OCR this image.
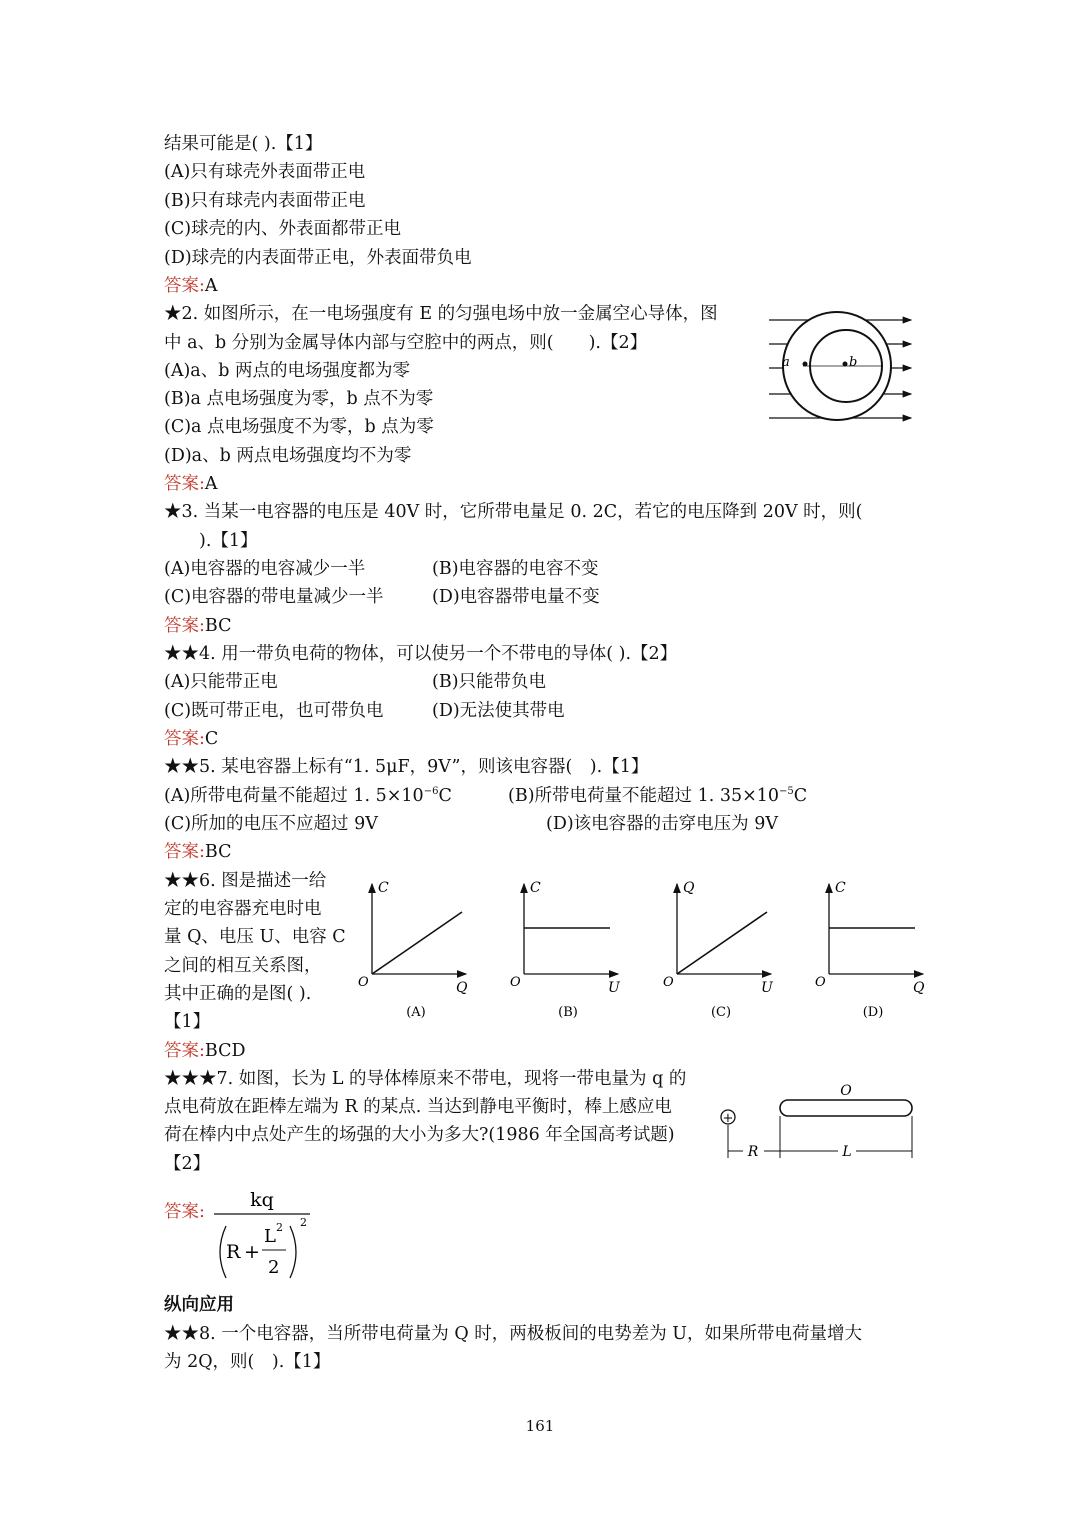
结果可能是( ).【1】
(A)只有球壳外表面带正电
(B)只有球壳内表面带正电
(C)球壳的内、外表面都带正电
(D)球壳的内表面带正电，外表面带负电
答案:A
★2. 如图所示，在一电场强度有 E 的匀强电场中放一金属空心导体，图
中 a、b 分别为金属导体内部与空腔中的两点，则(　　).【2】
(A)a、b 两点的电场强度都为零
(B)a 点电场强度为零，b 点不为零
(C)a 点电场强度不为零，b 点为零
(D)a、b 两点电场强度均不为零
答案:A
★3. 当某一电容器的电压是 40V 时，它所带电量足 0. 2C，若它的电压降到 20V 时，则(
　　).【1】
(A)电容器的电容减少一半	(B)电容器的电容不变
(C)电容器的带电量减少一半	(D)电容器带电量不变
答案:BC
★★4. 用一带负电荷的物体，可以使另一个不带电的导体( ).【2】
(A)只能带正电	(B)只能带负电
(C)既可带正电，也可带负电	(D)无法使其带电
答案:C
★★5. 某电容器上标有“1. 5μF，9V”，则该电容器(　).【1】
(A)所带电荷量不能超过 1. $5\times 10^{-6}C$	(B)所带电荷量不能超过 1. $35\times 10^{-5}C$
(C)所加的电压不应超过 9V	(D)该电容器的击穿电压为 9V
答案:BC
★★6. 图是描述一给
定的电容器充电时电
量 Q、电压 U、电容 C
之间的相互关系图，
其中正确的是图( ).
【1】
答案:BCD
★★★7. 如图，长为 L 的导体棒原来不带电，现将一带电量为 q 的
点电荷放在距棒左端为 R 的某点. 当达到静电平衡时，棒上感应电
荷在棒内中点处产生的场强的大小为多大?(1986 年全国高考试题)
【2】
答案:
kq
R +
L 2
2
2
纵向应用
★★8. 一个电容器，当所带电荷量为 Q 时，两极板间的电势差为 U，如果所带电荷量增大
为 2Q，则(　).【1】
a	b
C
Q
O
(A)
C
U
O
(B)
Q
U
O
(C)
C
Q
O
(D)
+
O
R	L
161
